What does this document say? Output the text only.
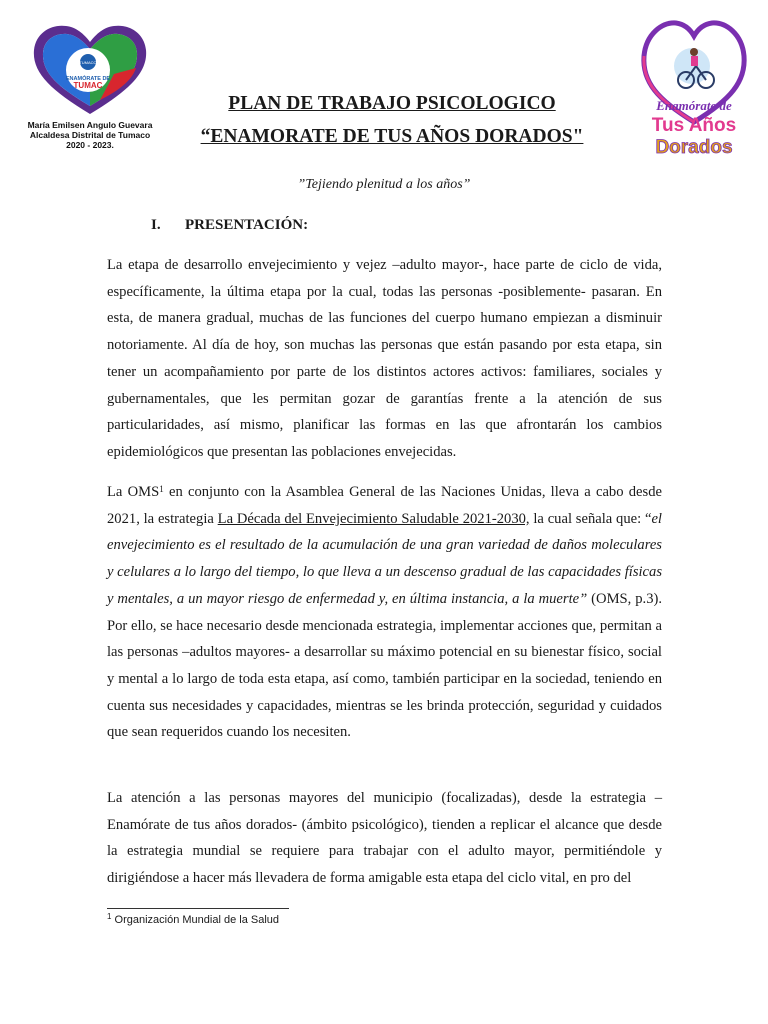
TUMACO
ENAMÓRATE DE
TUMAC
María Emilsen Angulo Guevara
Alcaldesa Distrital de Tumaco
2020 - 2023.
Enamórate de
Tus Años
Dorados
PLAN DE TRABAJO PSICOLOGICO
“ENAMORATE DE TUS AÑOS DORADOS"
”Tejiendo plenitud a los años”
I. PRESENTACIÓN:

La etapa de desarrollo envejecimiento y vejez –adulto mayor-, hace parte de ciclo de vida, específicamente, la última etapa por la cual, todas las personas -posiblemente- pasaran. En esta, de manera gradual, muchas de las funciones del cuerpo humano empiezan a disminuir notoriamente. Al día de hoy, son muchas las personas que están pasando por esta etapa, sin tener un acompañamiento por parte de los distintos actores activos: familiares, sociales y gubernamentales, que les permitan gozar de garantías frente a la atención de sus particularidades, así mismo, planificar las formas en las que afrontarán los cambios epidemiológicos que presentan las poblaciones envejecidas.

La OMS$^1$ en conjunto con la Asamblea General de las Naciones Unidas, lleva a cabo desde 2021, la estrategia La Década del Envejecimiento Saludable 2021-2030, la cual señala que: “el envejecimiento es el resultado de la acumulación de una gran variedad de daños moleculares y celulares a lo largo del tiempo, lo que lleva a un descenso gradual de las capacidades físicas y mentales, a un mayor riesgo de enfermedad y, en última instancia, a la muerte” (OMS, p.3). Por ello, se hace necesario desde mencionada estrategia, implementar acciones que, permitan a las personas –adultos mayores- a desarrollar su máximo potencial en su bienestar físico, social y mental a lo largo de toda esta etapa, así como, también participar en la sociedad, teniendo en cuenta sus necesidades y capacidades, mientras se les brinda protección, seguridad y cuidados que sean requeridos cuando los necesiten.

La atención a las personas mayores del municipio (focalizadas), desde la estrategia –Enamórate de tus años dorados- (ámbito psicológico), tienden a replicar el alcance que desde la estrategia mundial se requiere para trabajar con el adulto mayor, permitiéndole y dirigiéndose a hacer más llevadera de forma amigable esta etapa del ciclo vital, en pro del

$^1$ Organización Mundial de la Salud
